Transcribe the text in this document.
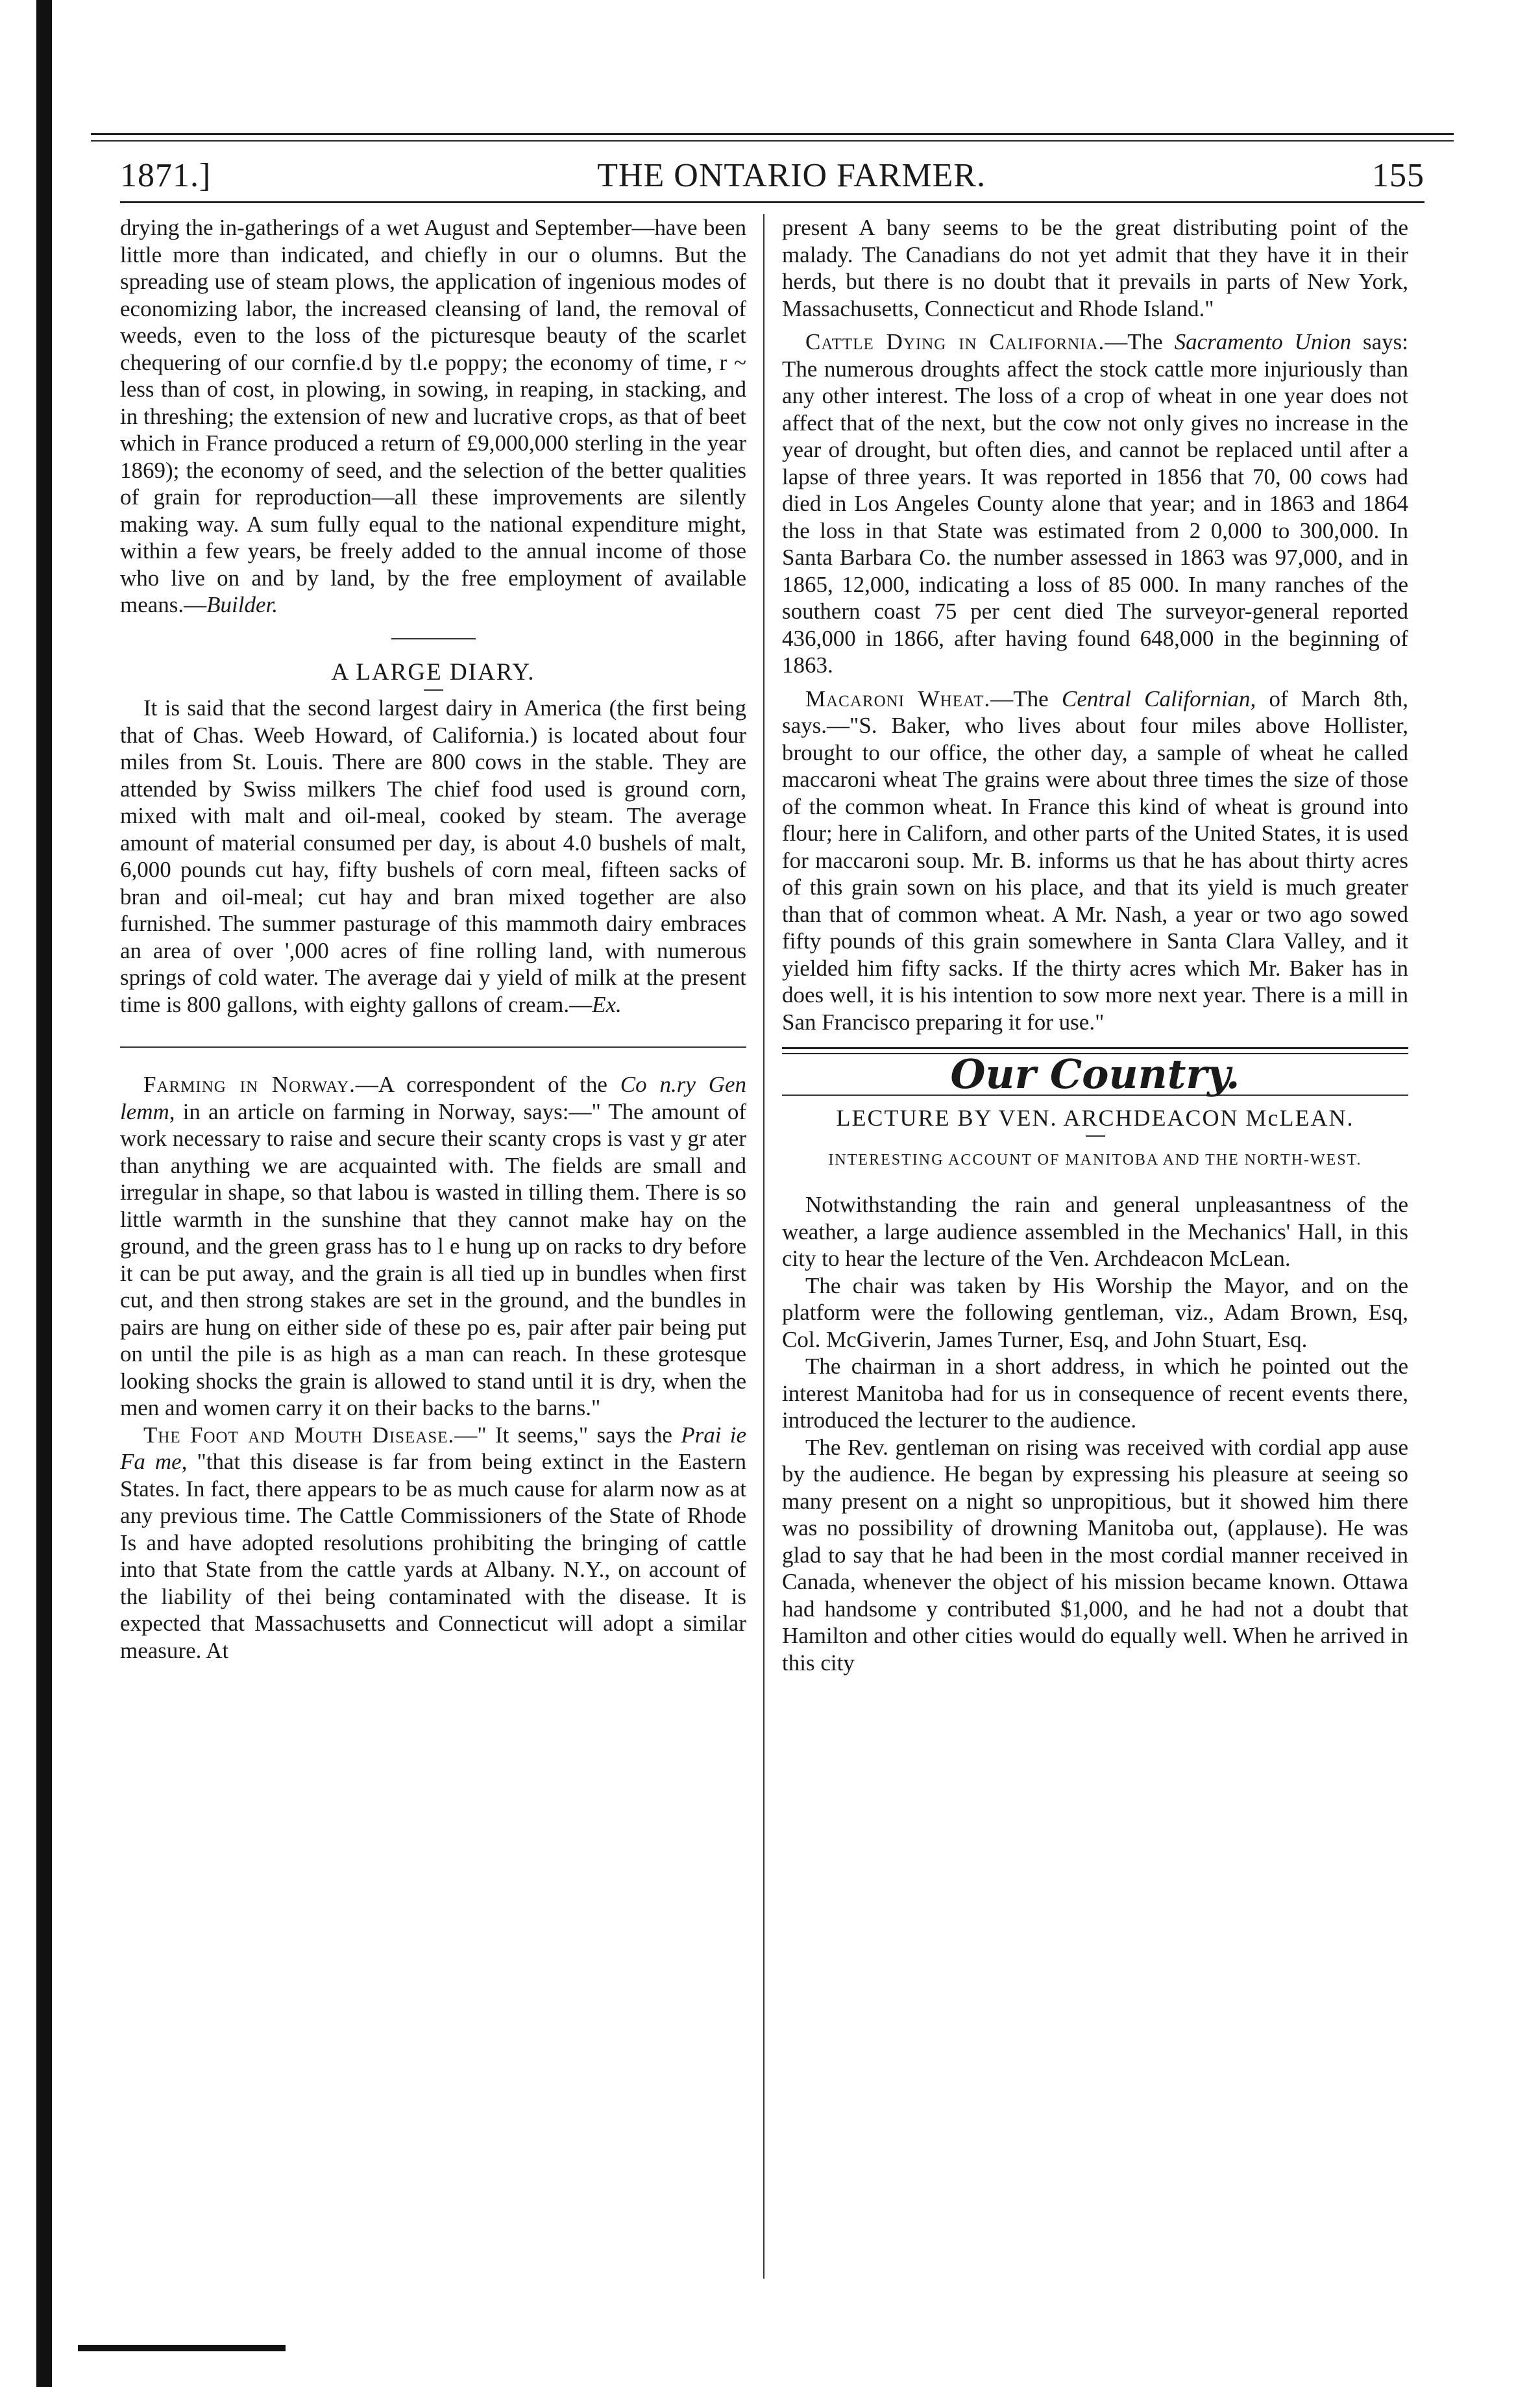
1871.]	THE ONTARIO FARMER.	155

drying the in-gatherings of a wet August and September—have been little more than indicated, and chiefly in our o olumns. But the spreading use of steam plows, the application of ingenious modes of economizing labor, the increased cleansing of land, the removal of weeds, even to the loss of the picturesque beauty of the scarlet chequering of our cornfie.d by tl.e poppy; the economy of time, r ~ less than of cost, in plowing, in sowing, in reaping, in stacking, and in threshing; the extension of new and lucrative crops, as that of beet which in France produced a return of £9,000,000 sterling in the year 1869); the economy of seed, and the selection of the better qualities of grain for reproduction—all these improvements are silently making way. A sum fully equal to the national expenditure might, within a few years, be freely added to the annual income of those who live on and by land, by the free employment of available means.—Builder.

A LARGE DIARY.

It is said that the second largest dairy in America (the first being that of Chas. Weeb Howard, of California.) is located about four miles from St. Louis. There are 800 cows in the stable. They are attended by Swiss milkers The chief food used is ground corn, mixed with malt and oil-meal, cooked by steam. The average amount of material consumed per day, is about 4.0 bushels of malt, 6,000 pounds cut hay, fifty bushels of corn meal, fifteen sacks of bran and oil-meal; cut hay and bran mixed together are also furnished. The summer pasturage of this mammoth dairy embraces an area of over ',000 acres of fine rolling land, with numerous springs of cold water. The average dai y yield of milk at the present time is 800 gallons, with eighty gallons of cream.—Ex.

Farming in Norway.—A correspondent of the Co n.ry Gen lemm, in an article on farming in Norway, says:—" The amount of work necessary to raise and secure their scanty crops is vast y gr ater than anything we are acquainted with. The fields are small and irregular in shape, so that labou is wasted in tilling them. There is so little warmth in the sunshine that they cannot make hay on the ground, and the green grass has to l e hung up on racks to dry before it can be put away, and the grain is all tied up in bundles when first cut, and then strong stakes are set in the ground, and the bundles in pairs are hung on either side of these po es, pair after pair being put on until the pile is as high as a man can reach. In these grotesque looking shocks the grain is allowed to stand until it is dry, when the men and women carry it on their backs to the barns."

The Foot and Mouth Disease.—" It seems," says the Prai ie Fa me, "that this disease is far from being extinct in the Eastern States. In fact, there appears to be as much cause for alarm now as at any previous time. The Cattle Commissioners of the State of Rhode Is and have adopted resolutions prohibiting the bringing of cattle into that State from the cattle yards at Albany. N.Y., on account of the liability of thei being contaminated with the disease. It is expected that Massachusetts and Connecticut will adopt a similar measure. At

present A bany seems to be the great distributing point of the malady. The Canadians do not yet admit that they have it in their herds, but there is no doubt that it prevails in parts of New York, Massachusetts, Connecticut and Rhode Island."

Cattle Dying in California.—The Sacramento Union says: The numerous droughts affect the stock cattle more injuriously than any other interest. The loss of a crop of wheat in one year does not affect that of the next, but the cow not only gives no increase in the year of drought, but often dies, and cannot be replaced until after a lapse of three years. It was reported in 1856 that 70, 00 cows had died in Los Angeles County alone that year; and in 1863 and 1864 the loss in that State was estimated from 2 0,000 to 300,000. In Santa Barbara Co. the number assessed in 1863 was 97,000, and in 1865, 12,000, indicating a loss of 85 000. In many ranches of the southern coast 75 per cent died The surveyor-general reported 436,000 in 1866, after having found 648,000 in the beginning of 1863.

Macaroni Wheat.—The Central Californian, of March 8th, says.—"S. Baker, who lives about four miles above Hollister, brought to our office, the other day, a sample of wheat he called maccaroni wheat The grains were about three times the size of those of the common wheat. In France this kind of wheat is ground into flour; here in Californ, and other parts of the United States, it is used for maccaroni soup. Mr. B. informs us that he has about thirty acres of this grain sown on his place, and that its yield is much greater than that of common wheat. A Mr. Nash, a year or two ago sowed fifty pounds of this grain somewhere in Santa Clara Valley, and it yielded him fifty sacks. If the thirty acres which Mr. Baker has in does well, it is his intention to sow more next year. There is a mill in San Francisco preparing it for use."

Our Country.

LECTURE BY VEN. ARCHDEACON McLEAN.

INTERESTING ACCOUNT OF MANITOBA AND THE NORTH-WEST.

Notwithstanding the rain and general unpleasantness of the weather, a large audience assembled in the Mechanics' Hall, in this city to hear the lecture of the Ven. Archdeacon McLean.

The chair was taken by His Worship the Mayor, and on the platform were the following gentleman, viz., Adam Brown, Esq, Col. McGiverin, James Turner, Esq, and John Stuart, Esq.

The chairman in a short address, in which he pointed out the interest Manitoba had for us in consequence of recent events there, introduced the lecturer to the audience.

The Rev. gentleman on rising was received with cordial app ause by the audience. He began by expressing his pleasure at seeing so many present on a night so unpropitious, but it showed him there was no possibility of drowning Manitoba out, (applause). He was glad to say that he had been in the most cordial manner received in Canada, whenever the object of his mission became known. Ottawa had handsome y contributed $1,000, and he had not a doubt that Hamilton and other cities would do equally well. When he arrived in this city
